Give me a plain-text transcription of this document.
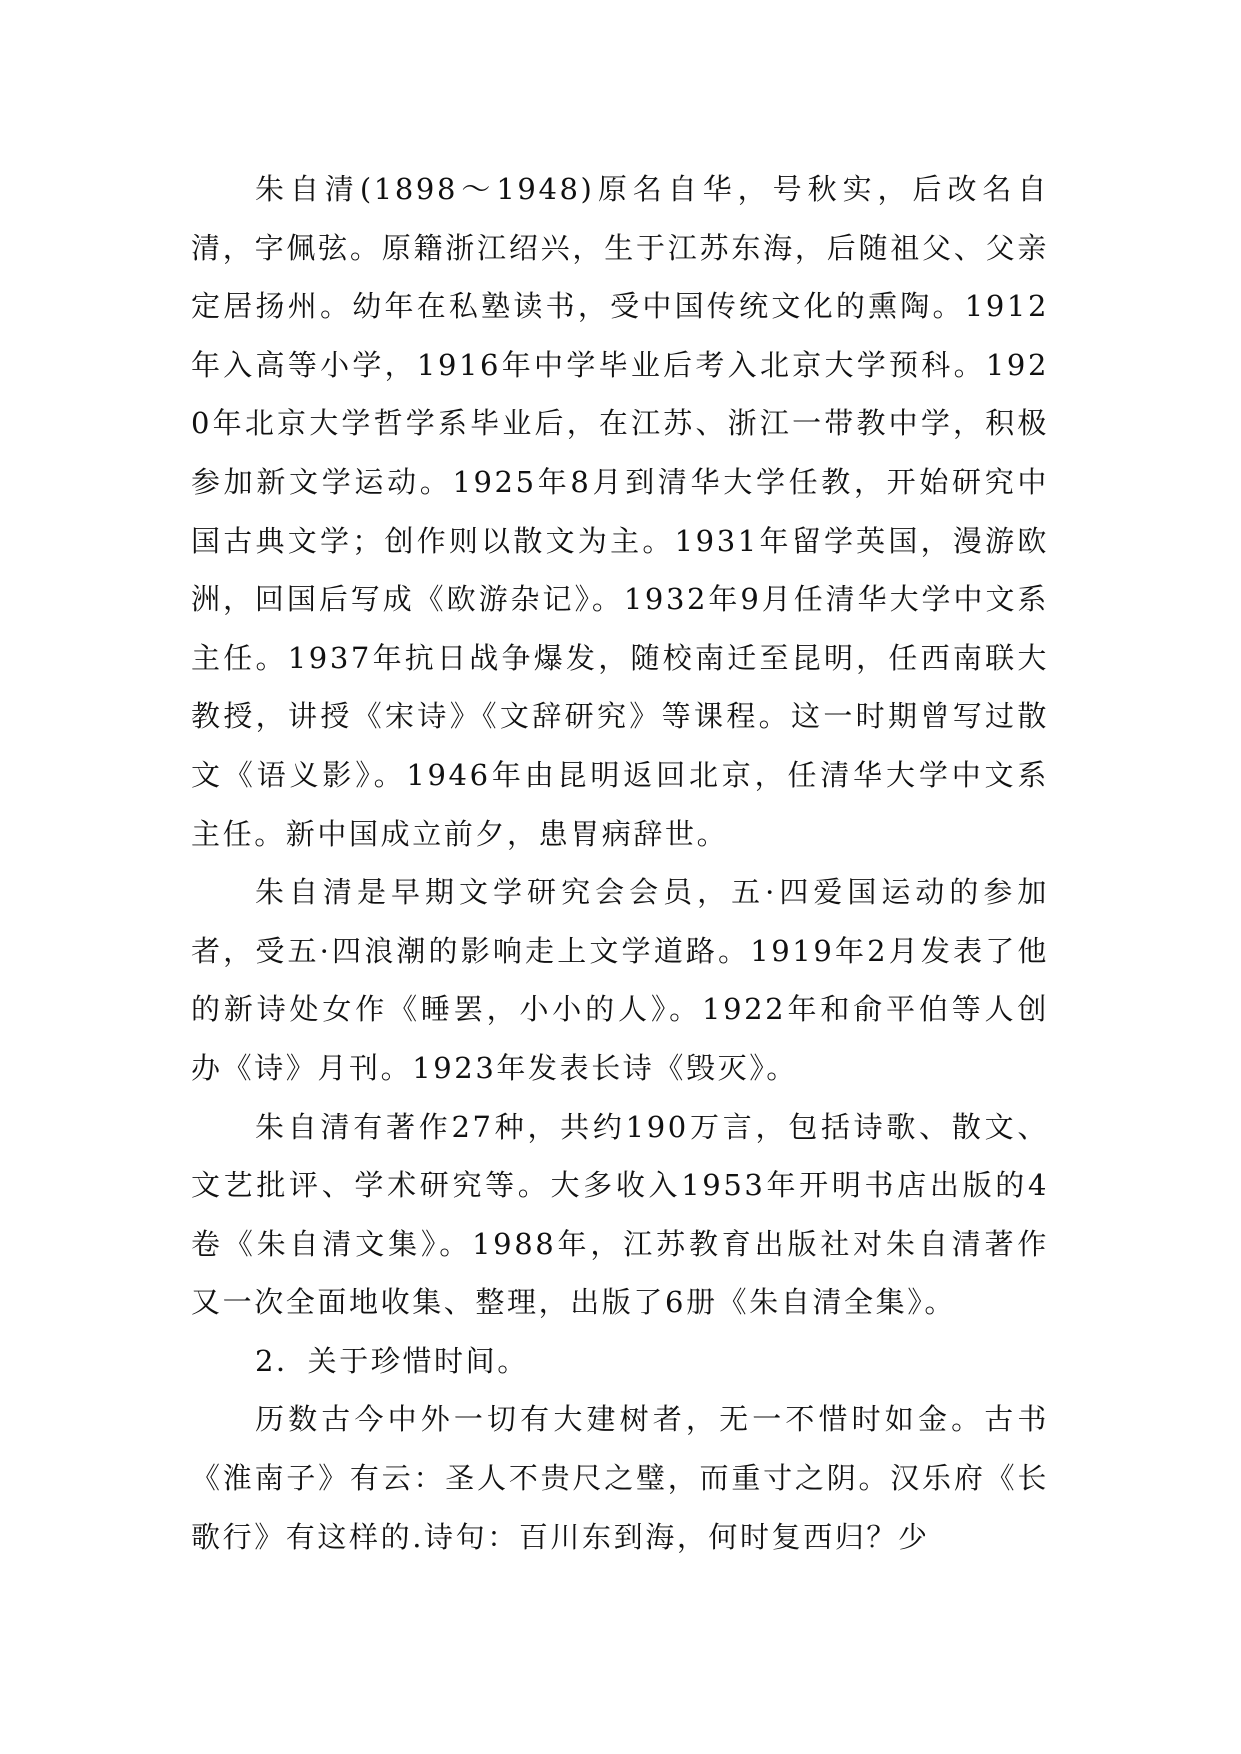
朱自清(1898～1948)原名自华，号秋实，后改名自清，字佩弦。原籍浙江绍兴，生于江苏东海，后随祖父、父亲定居扬州。幼年在私塾读书，受中国传统文化的熏陶。1912年入高等小学，1916年中学毕业后考入北京大学预科。1920年北京大学哲学系毕业后，在江苏、浙江一带教中学，积极参加新文学运动。1925年8月到清华大学任教，开始研究中国古典文学；创作则以散文为主。1931年留学英国，漫游欧洲，回国后写成《欧游杂记》。1932年9月任清华大学中文系主任。1937年抗日战争爆发，随校南迁至昆明，任西南联大教授，讲授《宋诗》《文辞研究》等课程。这一时期曾写过散文《语义影》。1946年由昆明返回北京，任清华大学中文系主任。新中国成立前夕，患胃病辞世。

朱自清是早期文学研究会会员，五·四爱国运动的参加者，受五·四浪潮的影响走上文学道路。1919年2月发表了他的新诗处女作《睡罢，小小的人》。1922年和俞平伯等人创办《诗》月刊。1923年发表长诗《毁灭》。

朱自清有著作27种，共约190万言，包括诗歌、散文、文艺批评、学术研究等。大多收入1953年开明书店出版的4卷《朱自清文集》。1988年，江苏教育出版社对朱自清著作又一次全面地收集、整理，出版了6册《朱自清全集》。

2．关于珍惜时间。

历数古今中外一切有大建树者，无一不惜时如金。古书《淮南子》有云：圣人不贵尺之璧，而重寸之阴。汉乐府《长歌行》有这样的.诗句：百川东到海，何时复西归？少
